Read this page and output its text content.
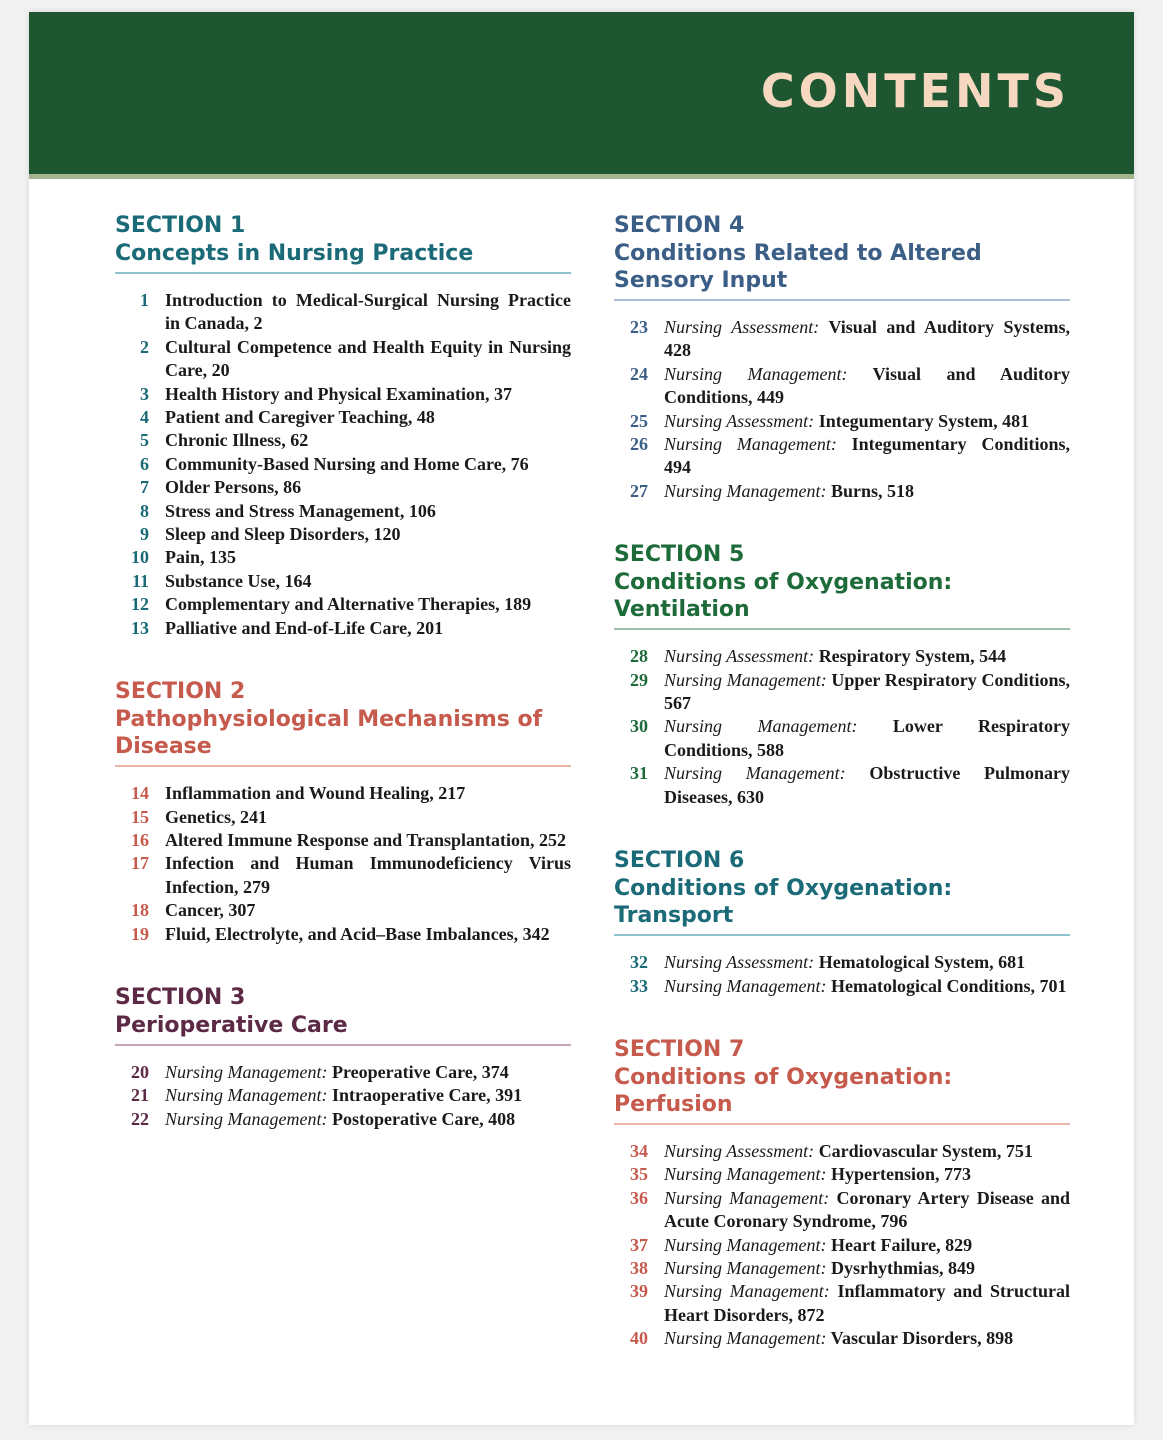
CONTENTS
SECTION 1
Concepts in Nursing Practice
1 Introduction to Medical-Surgical Nursing Practice in Canada, 2
2 Cultural Competence and Health Equity in Nursing Care, 20
3 Health History and Physical Examination, 37
4 Patient and Caregiver Teaching, 48
5 Chronic Illness, 62
6 Community-Based Nursing and Home Care, 76
7 Older Persons, 86
8 Stress and Stress Management, 106
9 Sleep and Sleep Disorders, 120
10 Pain, 135
11 Substance Use, 164
12 Complementary and Alternative Therapies, 189
13 Palliative and End-of-Life Care, 201
SECTION 2
Pathophysiological Mechanisms of Disease
14 Inflammation and Wound Healing, 217
15 Genetics, 241
16 Altered Immune Response and Transplantation, 252
17 Infection and Human Immunodeficiency Virus Infection, 279
18 Cancer, 307
19 Fluid, Electrolyte, and Acid–Base Imbalances, 342
SECTION 3
Perioperative Care
20 Nursing Management: Preoperative Care, 374
21 Nursing Management: Intraoperative Care, 391
22 Nursing Management: Postoperative Care, 408
SECTION 4
Conditions Related to Altered Sensory Input
23 Nursing Assessment: Visual and Auditory Systems, 428
24 Nursing Management: Visual and Auditory Conditions, 449
25 Nursing Assessment: Integumentary System, 481
26 Nursing Management: Integumentary Conditions, 494
27 Nursing Management: Burns, 518
SECTION 5
Conditions of Oxygenation: Ventilation
28 Nursing Assessment: Respiratory System, 544
29 Nursing Management: Upper Respiratory Conditions, 567
30 Nursing Management: Lower Respiratory Conditions, 588
31 Nursing Management: Obstructive Pulmonary Diseases, 630
SECTION 6
Conditions of Oxygenation: Transport
32 Nursing Assessment: Hematological System, 681
33 Nursing Management: Hematological Conditions, 701
SECTION 7
Conditions of Oxygenation: Perfusion
34 Nursing Assessment: Cardiovascular System, 751
35 Nursing Management: Hypertension, 773
36 Nursing Management: Coronary Artery Disease and Acute Coronary Syndrome, 796
37 Nursing Management: Heart Failure, 829
38 Nursing Management: Dysrhythmias, 849
39 Nursing Management: Inflammatory and Structural Heart Disorders, 872
40 Nursing Management: Vascular Disorders, 898
